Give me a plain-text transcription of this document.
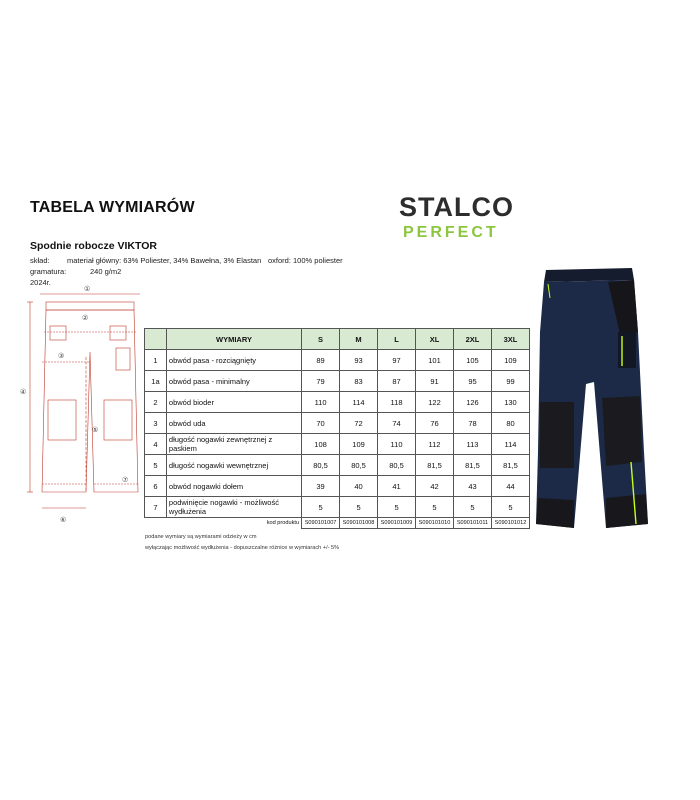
TABELA WYMIARÓW	STALCO
PERFECT
Spodnie robocze VIKTOR
skład: materiał główny: 63% Poliester, 34% Bawełna, 3% Elastan oxford: 100% poliester
gramatura:	240 g/m2
2024r.
①
②
③
④
⑤
⑥
⑦
	WYMIARY	S	M	L	XL	2XL	3XL
1	obwód pasa - rozciągnięty	89	93	97	101	105	109
1a	obwód pasa - minimalny	79	83	87	91	95	99
2	obwód bioder	110	114	118	122	126	130
3	obwód uda	70	72	74	76	78	80
4	długość nogawki zewnętrznej z paskiem	108	109	110	112	113	114
5	długość nogawki wewnętrznej	80,5	80,5	80,5	81,5	81,5	81,5
6	obwód nogawki dołem	39	40	41	42	43	44
7	podwinięcie nogawki - możliwość wydłużenia	5	5	5	5	5	5
	kod produktu	S090101007	S090101008	S090101009	S090101010	S090101011	S090101012
podane wymiary są wymiarami odzieży w cm
wyłączając możliwość wydłużenia - dopuszczalne różnice w wymiarach +/- 5%
